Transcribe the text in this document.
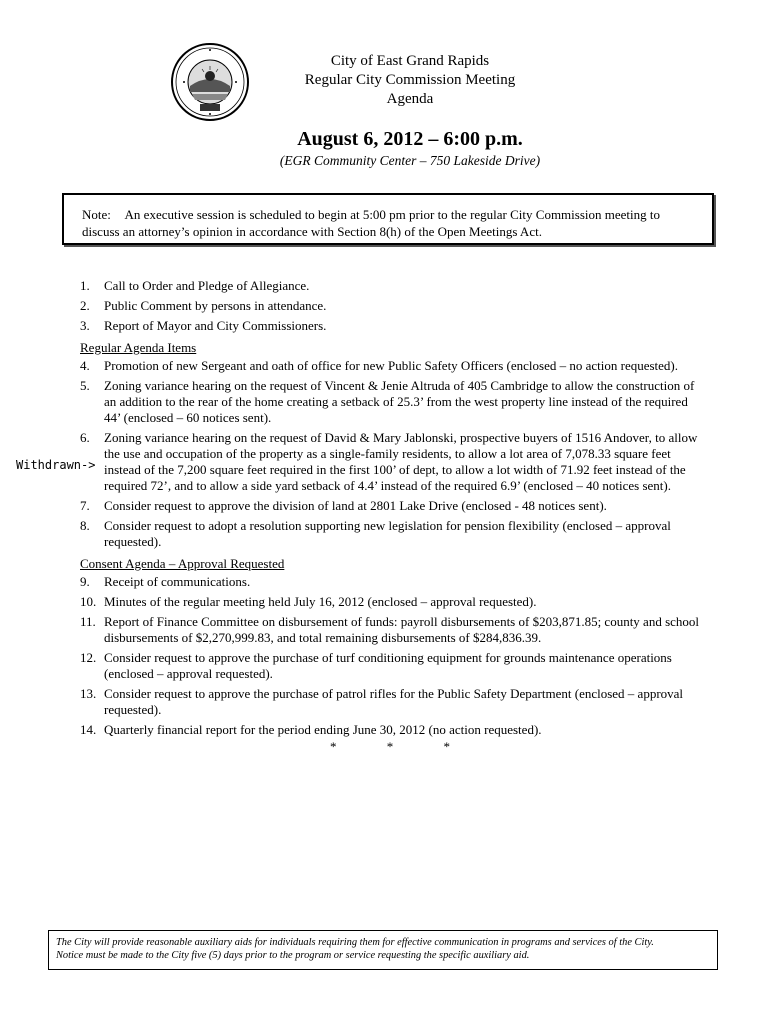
City of East Grand Rapids
Regular City Commission Meeting
Agenda
August 6, 2012 – 6:00 p.m.
(EGR Community Center – 750 Lakeside Drive)
Note: An executive session is scheduled to begin at 5:00 pm prior to the regular City Commission meeting to discuss an attorney’s opinion in accordance with Section 8(h) of the Open Meetings Act.
Withdrawn->
1.	Call to Order and Pledge of Allegiance.
2.	Public Comment by persons in attendance.
3.	Report of Mayor and City Commissioners.
Regular Agenda Items
4.	Promotion of new Sergeant and oath of office for new Public Safety Officers (enclosed – no action requested).
5.	Zoning variance hearing on the request of Vincent & Jenie Altruda of 405 Cambridge to allow the construction of an addition to the rear of the home creating a setback of 25.3’ from the west property line instead of the required 44’ (enclosed – 60 notices sent).
6.	Zoning variance hearing on the request of David & Mary Jablonski, prospective buyers of 1516 Andover, to allow the use and occupation of the property as a single-family residents, to allow a lot area of 7,078.33 square feet instead of the 7,200 square feet required in the first 100’ of dept, to allow a lot width of 71.92 feet instead of the required 72’, and to allow a side yard setback of 4.4’ instead of the required 6.9’ (enclosed – 40 notices sent).
7.	Consider request to approve the division of land at 2801 Lake Drive (enclosed - 48 notices sent).
8.	Consider request to adopt a resolution supporting new legislation for pension flexibility (enclosed – approval requested).
Consent Agenda – Approval Requested
9.	Receipt of communications.
10. Minutes of the regular meeting held July 16, 2012 (enclosed – approval requested).
11. Report of Finance Committee on disbursement of funds: payroll disbursements of $203,871.85; county and school disbursements of $2,270,999.83, and total remaining disbursements of $284,836.39.
12. Consider request to approve the purchase of turf conditioning equipment for grounds maintenance operations (enclosed – approval requested).
13. Consider request to approve the purchase of patrol rifles for the Public Safety Department (enclosed – approval requested).
14. Quarterly financial report for the period ending June 30, 2012 (no action requested).
*	*	*
The City will provide reasonable auxiliary aids for individuals requiring them for effective communication in programs and services of the City.
Notice must be made to the City five (5) days prior to the program or service requesting the specific auxiliary aid.
